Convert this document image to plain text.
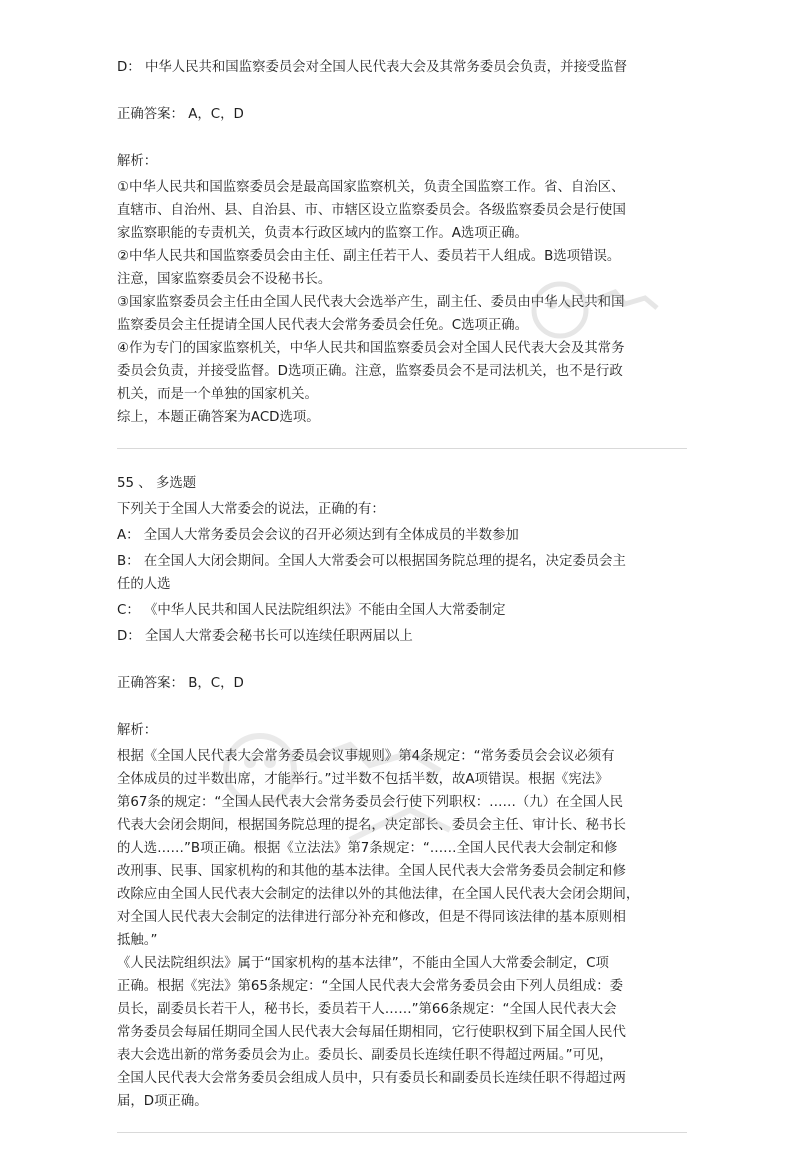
D： 中华人民共和国监察委员会对全国人民代表大会及其常务委员会负责，并接受监督
正确答案： A，C，D
解析：
①中华人民共和国监察委员会是最高国家监察机关，负责全国监察工作。省、自治区、
直辖市、自治州、县、自治县、市、市辖区设立监察委员会。各级监察委员会是行使国
家监察职能的专责机关，负责本行政区域内的监察工作。A选项正确。
②中华人民共和国监察委员会由主任、副主任若干人、委员若干人组成。B选项错误。
注意，国家监察委员会不设秘书长。
③国家监察委员会主任由全国人民代表大会选举产生，副主任、委员由中华人民共和国
监察委员会主任提请全国人民代表大会常务委员会任免。C选项正确。
④作为专门的国家监察机关，中华人民共和国监察委员会对全国人民代表大会及其常务
委员会负责，并接受监督。D选项正确。注意，监察委员会不是司法机关，也不是行政
机关，而是一个单独的国家机关。
综上，本题正确答案为ACD选项。
55 、 多选题
下列关于全国人大常委会的说法，正确的有：
A： 全国人大常务委员会会议的召开必须达到有全体成员的半数参加
B： 在全国人大闭会期间。全国人大常委会可以根据国务院总理的提名，决定委员会主
任的人选
C： 《中华人民共和国人民法院组织法》不能由全国人大常委制定
D： 全国人大常委会秘书长可以连续任职两届以上
正确答案： B，C，D
解析：
根据《全国人民代表大会常务委员会议事规则》第4条规定：“常务委员会会议必须有
全体成员的过半数出席，才能举行。”过半数不包括半数，故A项错误。根据《宪法》
第67条的规定：“全国人民代表大会常务委员会行使下列职权：……（九）在全国人民
代表大会闭会期间，根据国务院总理的提名，决定部长、委员会主任、审计长、秘书长
的人选……”B项正确。根据《立法法》第7条规定：“……全国人民代表大会制定和修
改刑事、民事、国家机构的和其他的基本法律。全国人民代表大会常务委员会制定和修
改除应由全国人民代表大会制定的法律以外的其他法律，在全国人民代表大会闭会期间，
对全国人民代表大会制定的法律进行部分补充和修改，但是不得同该法律的基本原则相
抵触。”
《人民法院组织法》属于“国家机构的基本法律”，不能由全国人大常委会制定，C项
正确。根据《宪法》第65条规定：“全国人民代表大会常务委员会由下列人员组成：委
员长，副委员长若干人，秘书长，委员若干人……”第66条规定：“全国人民代表大会
常务委员会每届任期同全国人民代表大会每届任期相同，它行使职权到下届全国人民代
表大会选出新的常务委员会为止。委员长、副委员长连续任职不得超过两届。”可见，
全国人民代表大会常务委员会组成人员中，只有委员长和副委员长连续任职不得超过两
届，D项正确。
